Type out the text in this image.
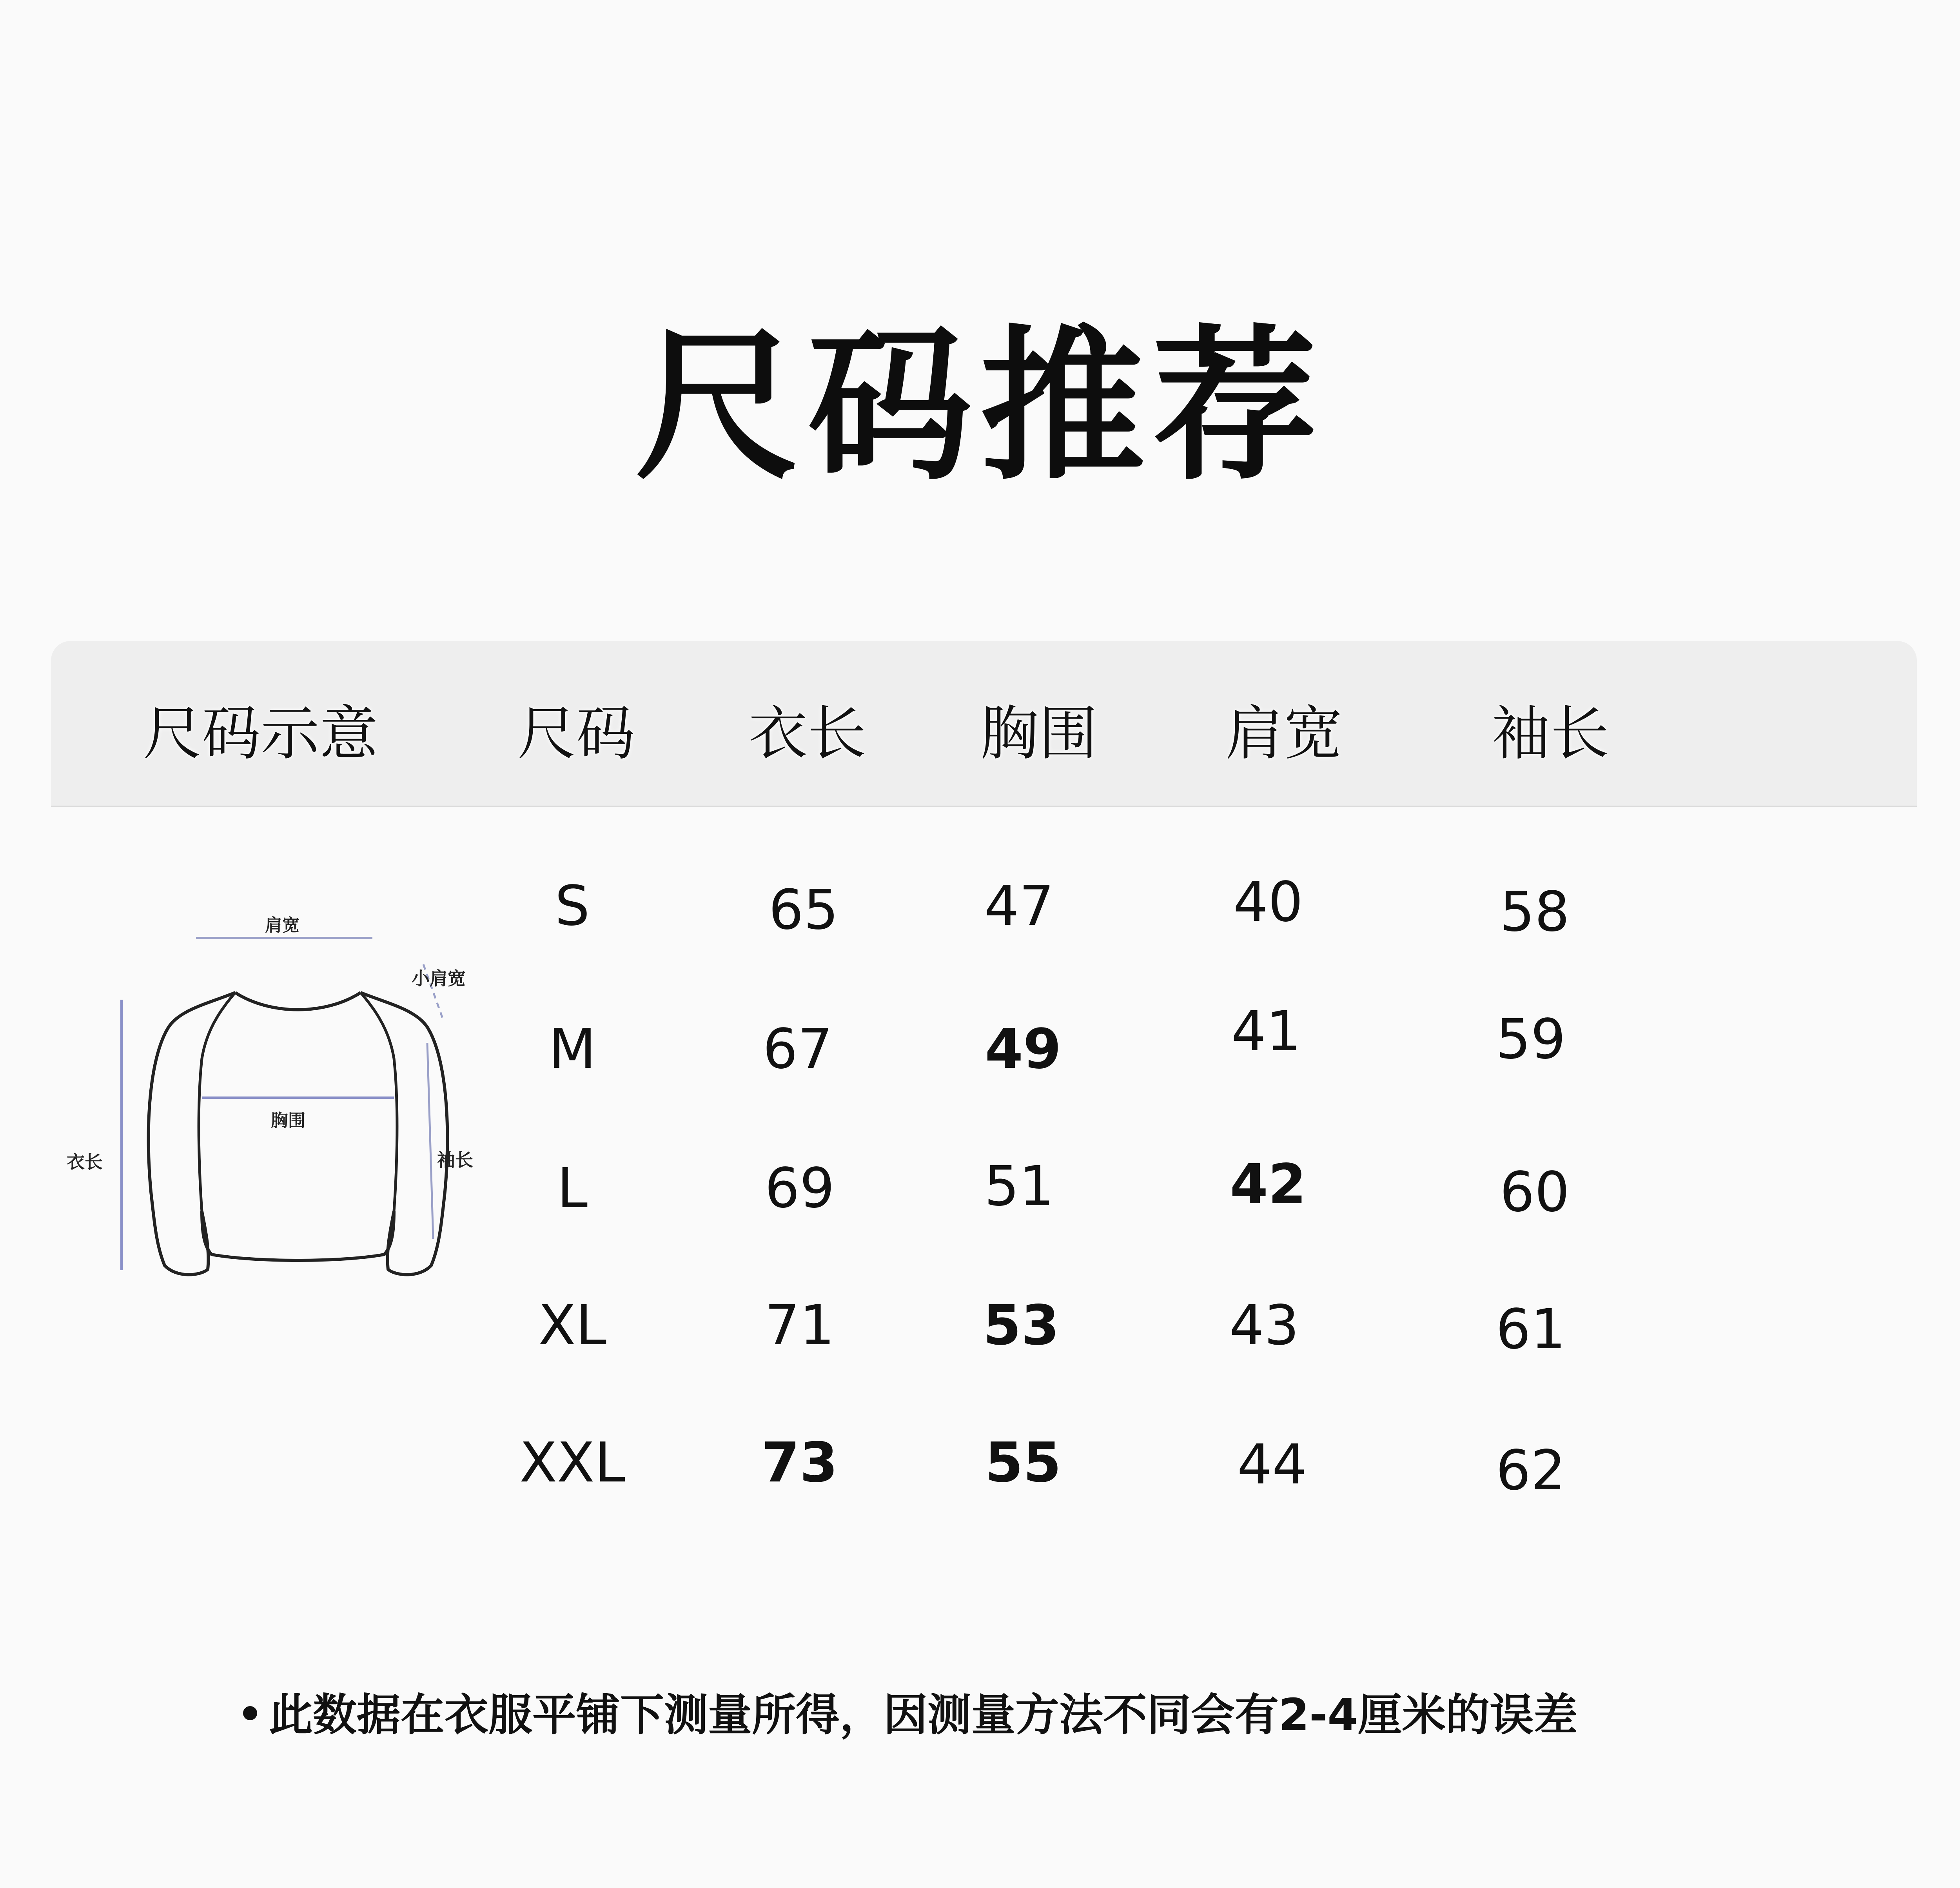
尺码推荐
尺码示意 尺码 衣长 胸围 肩宽	袖长
肩宽
小肩宽
胸围
衣长	袖长
S	65	47	40	58
M	67	49	41	59
L	69	51	42	60
XL	71	53	43	61
XXL 73	55	44	62
此数据在衣服平铺下测量所得，因测量方法不同会有2-4厘米的误差
